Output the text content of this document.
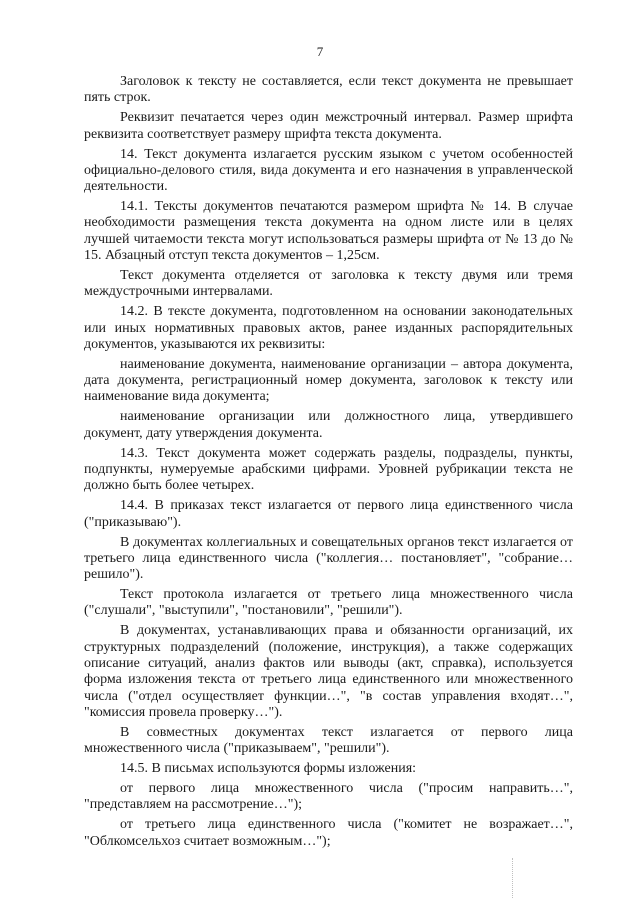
7

Заголовок к тексту не составляется, если текст документа не превышает пять строк.

Реквизит печатается через один межстрочный интервал. Размер шрифта реквизита соответствует размеру шрифта текста документа.

14. Текст документа излагается русским языком с учетом особенностей официально-делового стиля, вида документа и его назначения в управленческой деятельности.

14.1. Тексты документов печатаются размером шрифта № 14. В случае необходимости размещения текста документа на одном листе или в целях лучшей читаемости текста могут использоваться размеры шрифта от № 13 до № 15. Абзацный отступ текста документов – 1,25см.

Текст документа отделяется от заголовка к тексту двумя или тремя междустрочными интервалами.

14.2. В тексте документа, подготовленном на основании законодательных или иных нормативных правовых актов, ранее изданных распорядительных документов, указываются их реквизиты:

наименование документа, наименование организации – автора документа, дата документа, регистрационный номер документа, заголовок к тексту или наименование вида документа;

наименование организации или должностного лица, утвердившего документ, дату утверждения документа.

14.3. Текст документа может содержать разделы, подразделы, пункты, подпункты, нумеруемые арабскими цифрами. Уровней рубрикации текста не должно быть более четырех.

14.4. В приказах текст излагается от первого лица единственного числа ("приказываю").

В документах коллегиальных и совещательных органов текст излагается от третьего лица единственного числа ("коллегия… постановляет", "собрание… решило").

Текст протокола излагается от третьего лица множественного числа ("слушали", "выступили", "постановили", "решили").

В документах, устанавливающих права и обязанности организаций, их структурных подразделений (положение, инструкция), а также содержащих описание ситуаций, анализ фактов или выводы (акт, справка), используется форма изложения текста от третьего лица единственного или множественного числа ("отдел осуществляет функции…", "в состав управления входят…", "комиссия провела проверку…").

В совместных документах текст излагается от первого лица множественного числа ("приказываем", "решили").

14.5. В письмах используются формы изложения:

от первого лица множественного числа ("просим направить…", "представляем на рассмотрение…");

от третьего лица единственного числа ("комитет не возражает…", "Облкомсельхоз считает возможным…");
